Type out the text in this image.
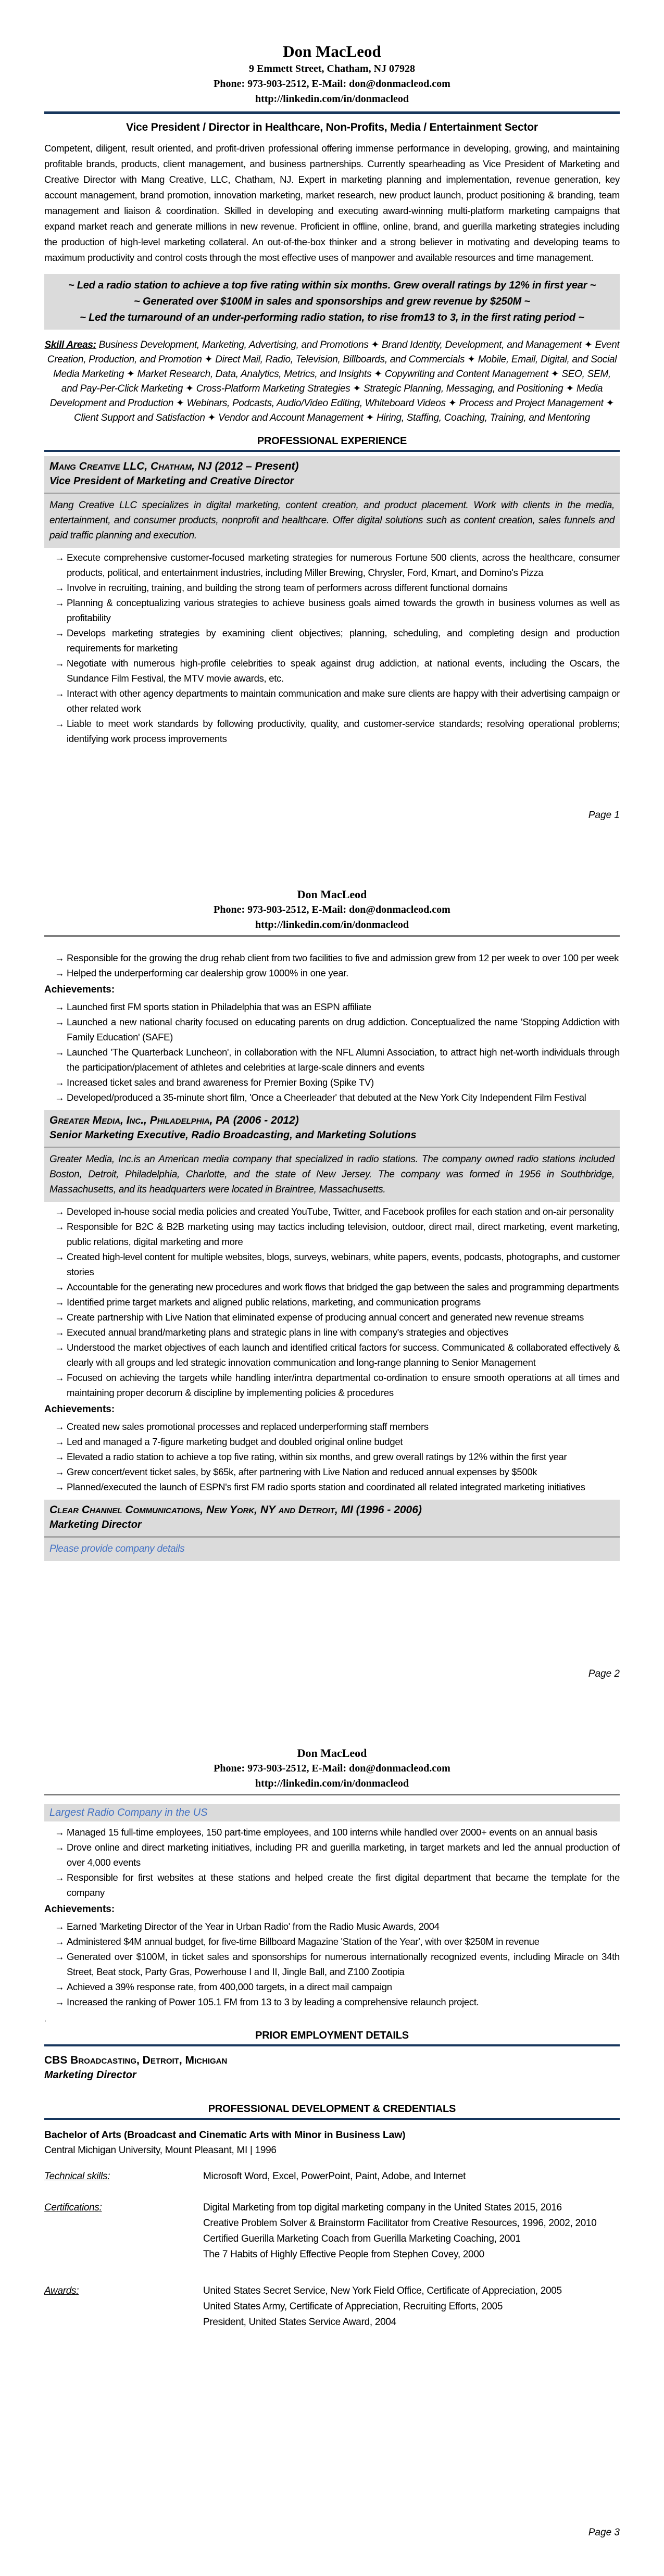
Don MacLeod
9 Emmett Street, Chatham, NJ 07928
Phone: 973-903-2512, E-Mail: don@donmacleod.com
http://linkedin.com/in/donmacleod
Vice President / Director in Healthcare, Non-Profits, Media / Entertainment Sector

Competent, diligent, result oriented, and profit-driven professional offering immense performance in developing, growing, and maintaining profitable brands, products, client management, and business partnerships. Currently spearheading as Vice President of Marketing and Creative Director with Mang Creative, LLC, Chatham, NJ. Expert in marketing planning and implementation, revenue generation, key account management, brand promotion, innovation marketing, market research, new product launch, product positioning & branding, team management and liaison & coordination. Skilled in developing and executing award-winning multi-platform marketing campaigns that expand market reach and generate millions in new revenue. Proficient in offline, online, brand, and guerilla marketing strategies including the production of high-level marketing collateral. An out-of-the-box thinker and a strong believer in motivating and developing teams to maximum productivity and control costs through the most effective uses of manpower and available resources and time management.

~ Led a radio station to achieve a top five rating within six months. Grew overall ratings by 12% in first year ~
~ Generated over $100M in sales and sponsorships and grew revenue by $250M ~
~ Led the turnaround of an under-performing radio station, to rise from13 to 3, in the first rating period ~

Skill Areas: Business Development, Marketing, Advertising, and Promotions ✦ Brand Identity, Development, and Management ✦ Event Creation, Production, and Promotion ✦ Direct Mail, Radio, Television, Billboards, and Commercials ✦ Mobile, Email, Digital, and Social Media Marketing ✦ Market Research, Data, Analytics, Metrics, and Insights ✦ Copywriting and Content Management ✦ SEO, SEM, and Pay-Per-Click Marketing ✦ Cross-Platform Marketing Strategies ✦ Strategic Planning, Messaging, and Positioning ✦ Media Development and Production ✦ Webinars, Podcasts, Audio/Video Editing, Whiteboard Videos ✦ Process and Project Management ✦ Client Support and Satisfaction ✦ Vendor and Account Management ✦ Hiring, Staffing, Coaching, Training, and Mentoring

PROFESSIONAL EXPERIENCE
Mang Creative LLC, Chatham, NJ (2012 – Present)
Vice President of Marketing and Creative Director
Mang Creative LLC specializes in digital marketing, content creation, and product placement. Work with clients in the media, entertainment, and consumer products, nonprofit and healthcare. Offer digital solutions such as content creation, sales funnels and paid traffic planning and execution.
→ Execute comprehensive customer-focused marketing strategies for numerous Fortune 500 clients, across the healthcare, consumer products, political, and entertainment industries, including Miller Brewing, Chrysler, Ford, Kmart, and Domino's Pizza
→ Involve in recruiting, training, and building the strong team of performers across different functional domains
→ Planning & conceptualizing various strategies to achieve business goals aimed towards the growth in business volumes as well as profitability
→ Develops marketing strategies by examining client objectives; planning, scheduling, and completing design and production requirements for marketing
→ Negotiate with numerous high-profile celebrities to speak against drug addiction, at national events, including the Oscars, the Sundance Film Festival, the MTV movie awards, etc.
→ Interact with other agency departments to maintain communication and make sure clients are happy with their advertising campaign or other related work
→ Liable to meet work standards by following productivity, quality, and customer-service standards; resolving operational problems; identifying work process improvements
Page 1
Don MacLeod
Phone: 973-903-2512, E-Mail: don@donmacleod.com
http://linkedin.com/in/donmacleod
→ Responsible for the growing the drug rehab client from two facilities to five and admission grew from 12 per week to over 100 per week
→ Helped the underperforming car dealership grow 1000% in one year.
Achievements:
→ Launched first FM sports station in Philadelphia that was an ESPN affiliate
→ Launched a new national charity focused on educating parents on drug addiction. Conceptualized the name 'Stopping Addiction with Family Education' (SAFE)
→ Launched 'The Quarterback Luncheon', in collaboration with the NFL Alumni Association, to attract high net-worth individuals through the participation/placement of athletes and celebrities at large-scale dinners and events
→ Increased ticket sales and brand awareness for Premier Boxing (Spike TV)
→ Developed/produced a 35-minute short film, 'Once a Cheerleader' that debuted at the New York City Independent Film Festival
Greater Media, Inc., Philadelphia, PA (2006 - 2012)
Senior Marketing Executive, Radio Broadcasting, and Marketing Solutions
Greater Media, Inc.is an American media company that specialized in radio stations. The company owned radio stations included Boston, Detroit, Philadelphia, Charlotte, and the state of New Jersey. The company was formed in 1956 in Southbridge, Massachusetts, and its headquarters were located in Braintree, Massachusetts.
→ Developed in-house social media policies and created YouTube, Twitter, and Facebook profiles for each station and on-air personality
→ Responsible for B2C & B2B marketing using may tactics including television, outdoor, direct mail, direct marketing, event marketing, public relations, digital marketing and more
→ Created high-level content for multiple websites, blogs, surveys, webinars, white papers, events, podcasts, photographs, and customer stories
→ Accountable for the generating new procedures and work flows that bridged the gap between the sales and programming departments
→ Identified prime target markets and aligned public relations, marketing, and communication programs
→ Create partnership with Live Nation that eliminated expense of producing annual concert and generated new revenue streams
→ Executed annual brand/marketing plans and strategic plans in line with company's strategies and objectives
→ Understood the market objectives of each launch and identified critical factors for success. Communicated & collaborated effectively & clearly with all groups and led strategic innovation communication and long-range planning to Senior Management
→ Focused on achieving the targets while handling inter/intra departmental co-ordination to ensure smooth operations at all times and maintaining proper decorum & discipline by implementing policies & procedures
Achievements:
→ Created new sales promotional processes and replaced underperforming staff members
→ Led and managed a 7-figure marketing budget and doubled original online budget
→ Elevated a radio station to achieve a top five rating, within six months, and grew overall ratings by 12% within the first year
→ Grew concert/event ticket sales, by $65k, after partnering with Live Nation and reduced annual expenses by $500k
→ Planned/executed the launch of ESPN's first FM radio sports station and coordinated all related integrated marketing initiatives
Clear Channel Communications, New York, NY and Detroit, MI (1996 - 2006)
Marketing Director
Please provide company details
Page 2
Don MacLeod
Phone: 973-903-2512, E-Mail: don@donmacleod.com
http://linkedin.com/in/donmacleod
Largest Radio Company in the US
→ Managed 15 full-time employees, 150 part-time employees, and 100 interns while handled over 2000+ events on an annual basis
→ Drove online and direct marketing initiatives, including PR and guerilla marketing, in target markets and led the annual production of over 4,000 events
→ Responsible for first websites at these stations and helped create the first digital department that became the template for the company
Achievements:
→ Earned 'Marketing Director of the Year in Urban Radio' from the Radio Music Awards, 2004
→ Administered $4M annual budget, for five-time Billboard Magazine 'Station of the Year', with over $250M in revenue
→ Generated over $100M, in ticket sales and sponsorships for numerous internationally recognized events, including Miracle on 34th Street, Beat stock, Party Gras, Powerhouse I and II, Jingle Ball, and Z100 Zootipia
→ Achieved a 39% response rate, from 400,000 targets, in a direct mail campaign
→ Increased the ranking of Power 105.1 FM from 13 to 3 by leading a comprehensive relaunch project.
.
PRIOR EMPLOYMENT DETAILS
CBS Broadcasting, Detroit, Michigan
Marketing Director
PROFESSIONAL DEVELOPMENT & CREDENTIALS
Bachelor of Arts (Broadcast and Cinematic Arts with Minor in Business Law)
Central Michigan University, Mount Pleasant, MI | 1996
Technical skills:	Microsoft Word, Excel, PowerPoint, Paint, Adobe, and Internet
Certifications:	Digital Marketing from top digital marketing company in the United States 2015, 2016
Creative Problem Solver & Brainstorm Facilitator from Creative Resources, 1996, 2002, 2010
Certified Guerilla Marketing Coach from Guerilla Marketing Coaching, 2001
The 7 Habits of Highly Effective People from Stephen Covey, 2000
Awards:	United States Secret Service, New York Field Office, Certificate of Appreciation, 2005
United States Army, Certificate of Appreciation, Recruiting Efforts, 2005
President, United States Service Award, 2004
Page 3
